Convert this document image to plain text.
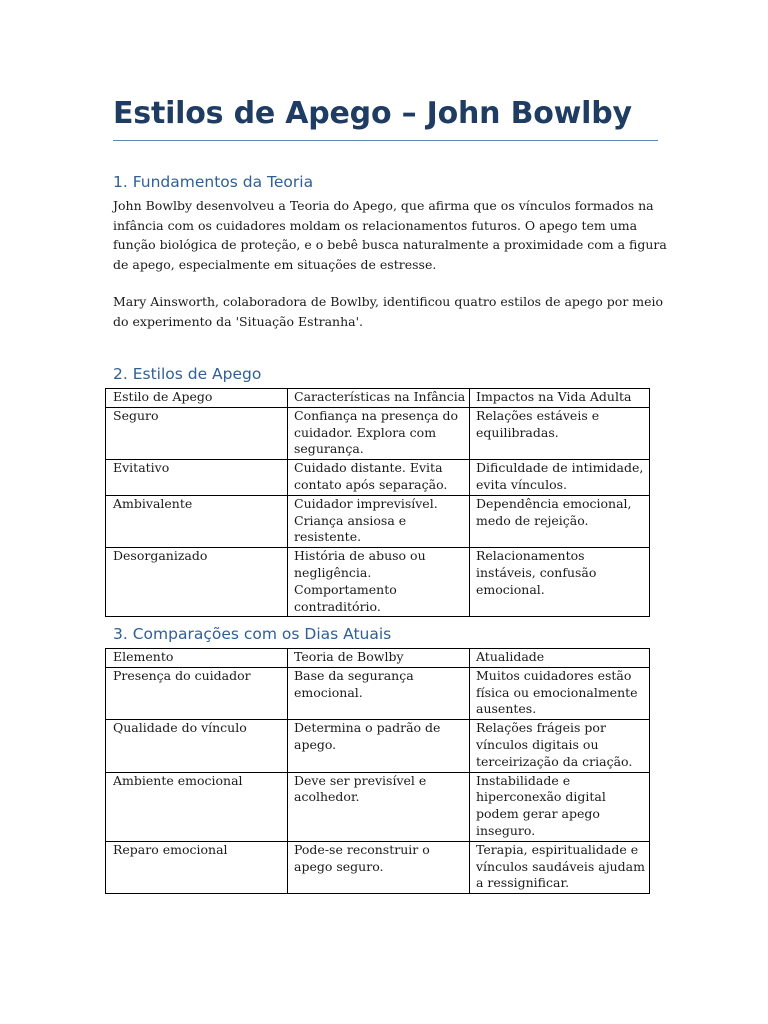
Estilos de Apego – John Bowlby
1. Fundamentos da Teoria

John Bowlby desenvolveu a Teoria do Apego, que afirma que os vínculos formados na infância com os cuidadores moldam os relacionamentos futuros. O apego tem uma função biológica de proteção, e o bebê busca naturalmente a proximidade com a figura de apego, especialmente em situações de estresse.

Mary Ainsworth, colaboradora de Bowlby, identificou quatro estilos de apego por meio do experimento da 'Situação Estranha'.

2. Estilos de Apego
Estilo de Apego	Características na Infância	Impactos na Vida Adulta
Seguro	Confiança na presença do cuidador. Explora com segurança.	Relações estáveis e equilibradas.
Evitativo	Cuidado distante. Evita contato após separação.	Dificuldade de intimidade, evita vínculos.
Ambivalente	Cuidador imprevisível. Criança ansiosa e resistente.	Dependência emocional, medo de rejeição.
Desorganizado	História de abuso ou negligência. Comportamento contraditório.	Relacionamentos instáveis, confusão emocional.
3. Comparações com os Dias Atuais
Elemento	Teoria de Bowlby	Atualidade
Presença do cuidador	Base da segurança emocional.	Muitos cuidadores estão física ou emocionalmente ausentes.
Qualidade do vínculo	Determina o padrão de apego.	Relações frágeis por vínculos digitais ou terceirização da criação.
Ambiente emocional	Deve ser previsível e acolhedor.	Instabilidade e hiperconexão digital podem gerar apego inseguro.
Reparo emocional	Pode-se reconstruir o apego seguro.	Terapia, espiritualidade e vínculos saudáveis ajudam a ressignificar.
